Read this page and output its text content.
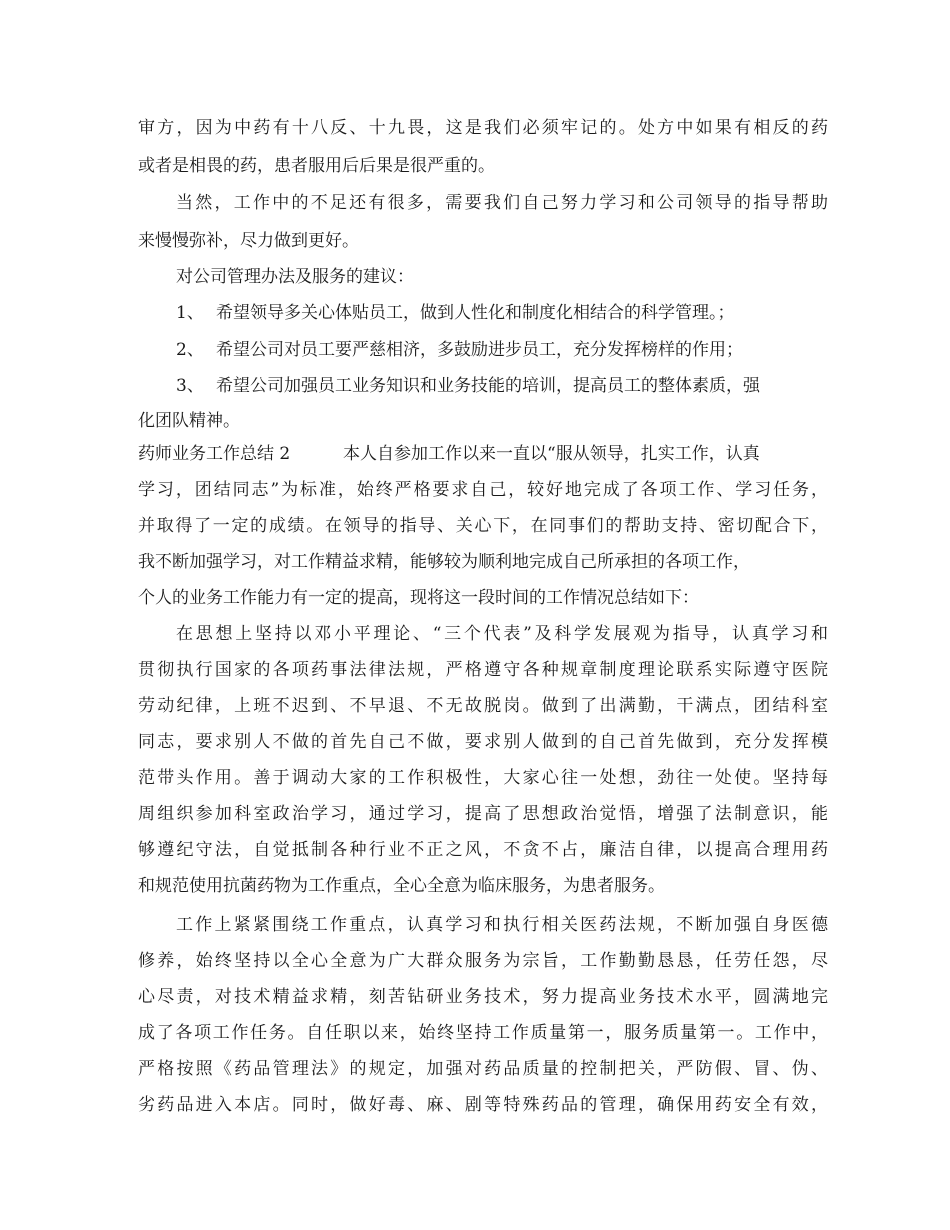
审方，因为中药有十八反、十九畏，这是我们必须牢记的。处方中如果有相反的药
或者是相畏的药，患者服用后后果是很严重的。
当然，工作中的不足还有很多，需要我们自己努力学习和公司领导的指导帮助
来慢慢弥补，尽力做到更好。
对公司管理办法及服务的建议：
1、 希望领导多关心体贴员工，做到人性化和制度化相结合的科学管理。；
2、 希望公司对员工要严慈相济，多鼓励进步员工，充分发挥榜样的作用；
3、 希望公司加强员工业务知识和业务技能的培训，提高员工的整体素质，强
化团队精神。
药师业务工作总结 2	本人自参加工作以来一直以“服从领导，扎实工作，认真
学习，团结同志”为标准，始终严格要求自己，较好地完成了各项工作、学习任务，
并取得了一定的成绩。在领导的指导、关心下，在同事们的帮助支持、密切配合下，
我不断加强学习，对工作精益求精，能够较为顺利地完成自己所承担的各项工作，
个人的业务工作能力有一定的提高，现将这一段时间的工作情况总结如下：
在思想上坚持以邓小平理论、“三个代表”及科学发展观为指导，认真学习和
贯彻执行国家的各项药事法律法规，严格遵守各种规章制度理论联系实际遵守医院
劳动纪律，上班不迟到、不早退、不无故脱岗。做到了出满勤，干满点，团结科室
同志，要求别人不做的首先自己不做，要求别人做到的自己首先做到，充分发挥模
范带头作用。善于调动大家的工作积极性，大家心往一处想，劲往一处使。坚持每
周组织参加科室政治学习，通过学习，提高了思想政治觉悟，增强了法制意识，能
够遵纪守法，自觉抵制各种行业不正之风，不贪不占，廉洁自律，以提高合理用药
和规范使用抗菌药物为工作重点，全心全意为临床服务，为患者服务。
工作上紧紧围绕工作重点，认真学习和执行相关医药法规，不断加强自身医德
修养，始终坚持以全心全意为广大群众服务为宗旨，工作勤勤恳恳，任劳任怨，尽
心尽责，对技术精益求精，刻苦钻研业务技术，努力提高业务技术水平，圆满地完
成了各项工作任务。自任职以来，始终坚持工作质量第一，服务质量第一。工作中，
严格按照《药品管理法》的规定，加强对药品质量的控制把关，严防假、冒、伪、
劣药品进入本店。同时，做好毒、麻、剧等特殊药品的管理，确保用药安全有效，
